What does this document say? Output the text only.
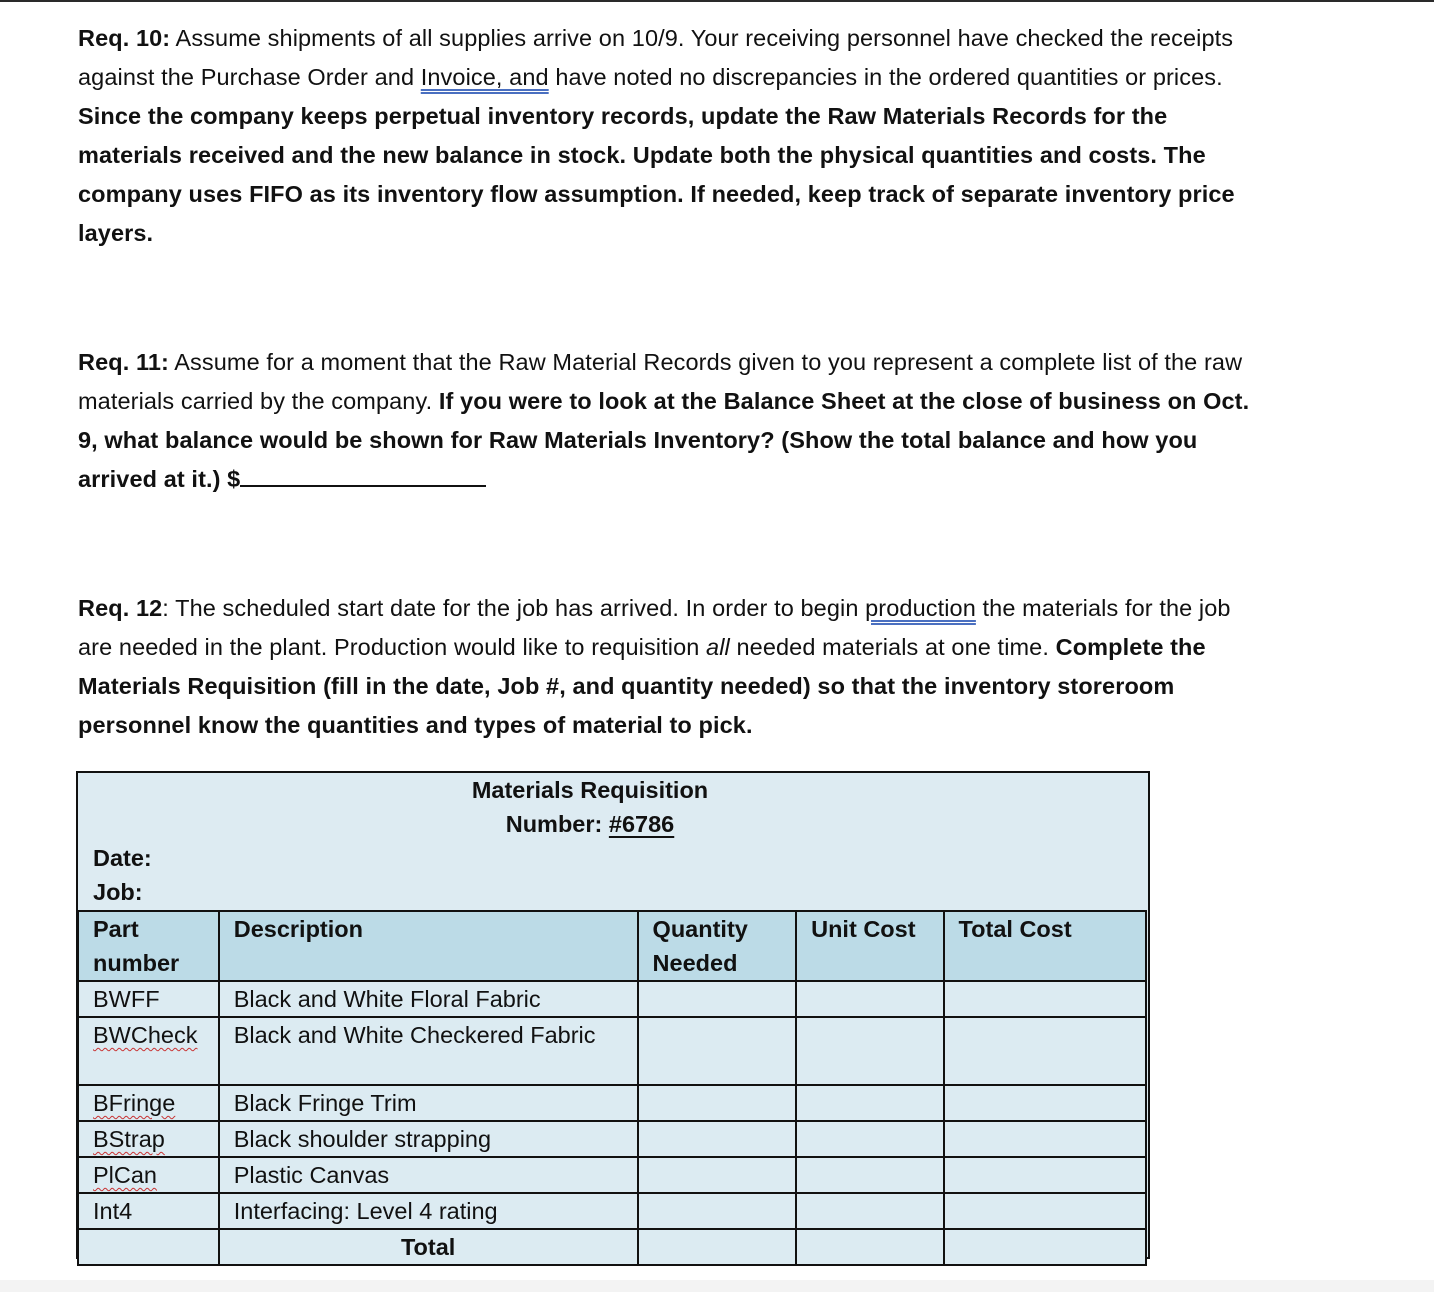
Req. 10: Assume shipments of all supplies arrive on 10/9. Your receiving personnel have checked the receipts against the Purchase Order and Invoice, and have noted no discrepancies in the ordered quantities or prices. Since the company keeps perpetual inventory records, update the Raw Materials Records for the materials received and the new balance in stock. Update both the physical quantities and costs. The company uses FIFO as its inventory flow assumption. If needed, keep track of separate inventory price layers.

Req. 11: Assume for a moment that the Raw Material Records given to you represent a complete list of the raw materials carried by the company. If you were to look at the Balance Sheet at the close of business on Oct. 9, what balance would be shown for Raw Materials Inventory? (Show the total balance and how you arrived at it.) $

Req. 12: The scheduled start date for the job has arrived. In order to begin production the materials for the job are needed in the plant. Production would like to requisition all needed materials at one time. Complete the Materials Requisition (fill in the date, Job #, and quantity needed) so that the inventory storeroom personnel know the quantities and types of material to pick.

Materials Requisition
Number: #6786
Date:
Job:
Part number	Description	Quantity Needed	Unit Cost	Total Cost
BWFF	Black and White Floral Fabric			
BWCheck	Black and White Checkered Fabric			
BFringe	Black Fringe Trim			
BStrap	Black shoulder strapping			
PlCan	Plastic Canvas			
Int4	Interfacing: Level 4 rating			
	Total			
